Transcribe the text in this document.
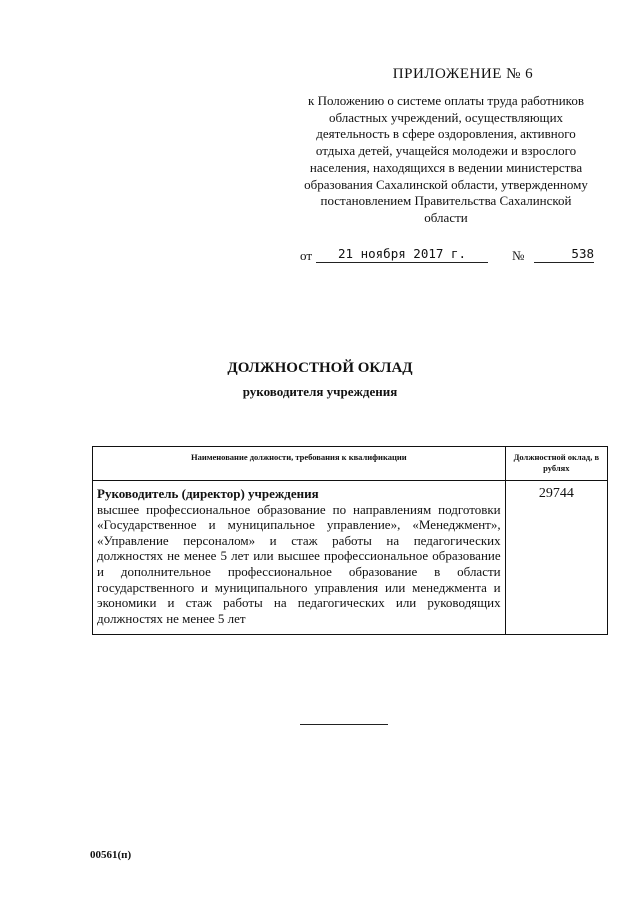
ПРИЛОЖЕНИЕ № 6
к Положению о системе оплаты труда работников областных учреждений, осуществляющих деятельность в сфере оздоровления, активного отдыха детей, учащейся молодежи и взрослого населения, находящихся в ведении министерства образования Сахалинской области, утвержденному постановлением Правительства Сахалинской области
от	21 ноября 2017 г.	№	538
ДОЛЖНОСТНОЙ ОКЛАД
руководителя учреждения
Наименование должности, требования к квалификации	Должностной оклад, в рублях

Руководитель (директор) учреждения
высшее профессиональное образование по направлениям подготовки «Государственное и муниципальное управление», «Менеджмент», «Управление персоналом» и стаж работы на педагогических должностях не менее 5 лет или высшее профессиональное образование и дополнительное профессиональное образование в области государственного и муниципального управления или менеджмента и экономики и стаж работы на педагогических или руководящих должностях не менее 5 лет	29744
00561(п)
